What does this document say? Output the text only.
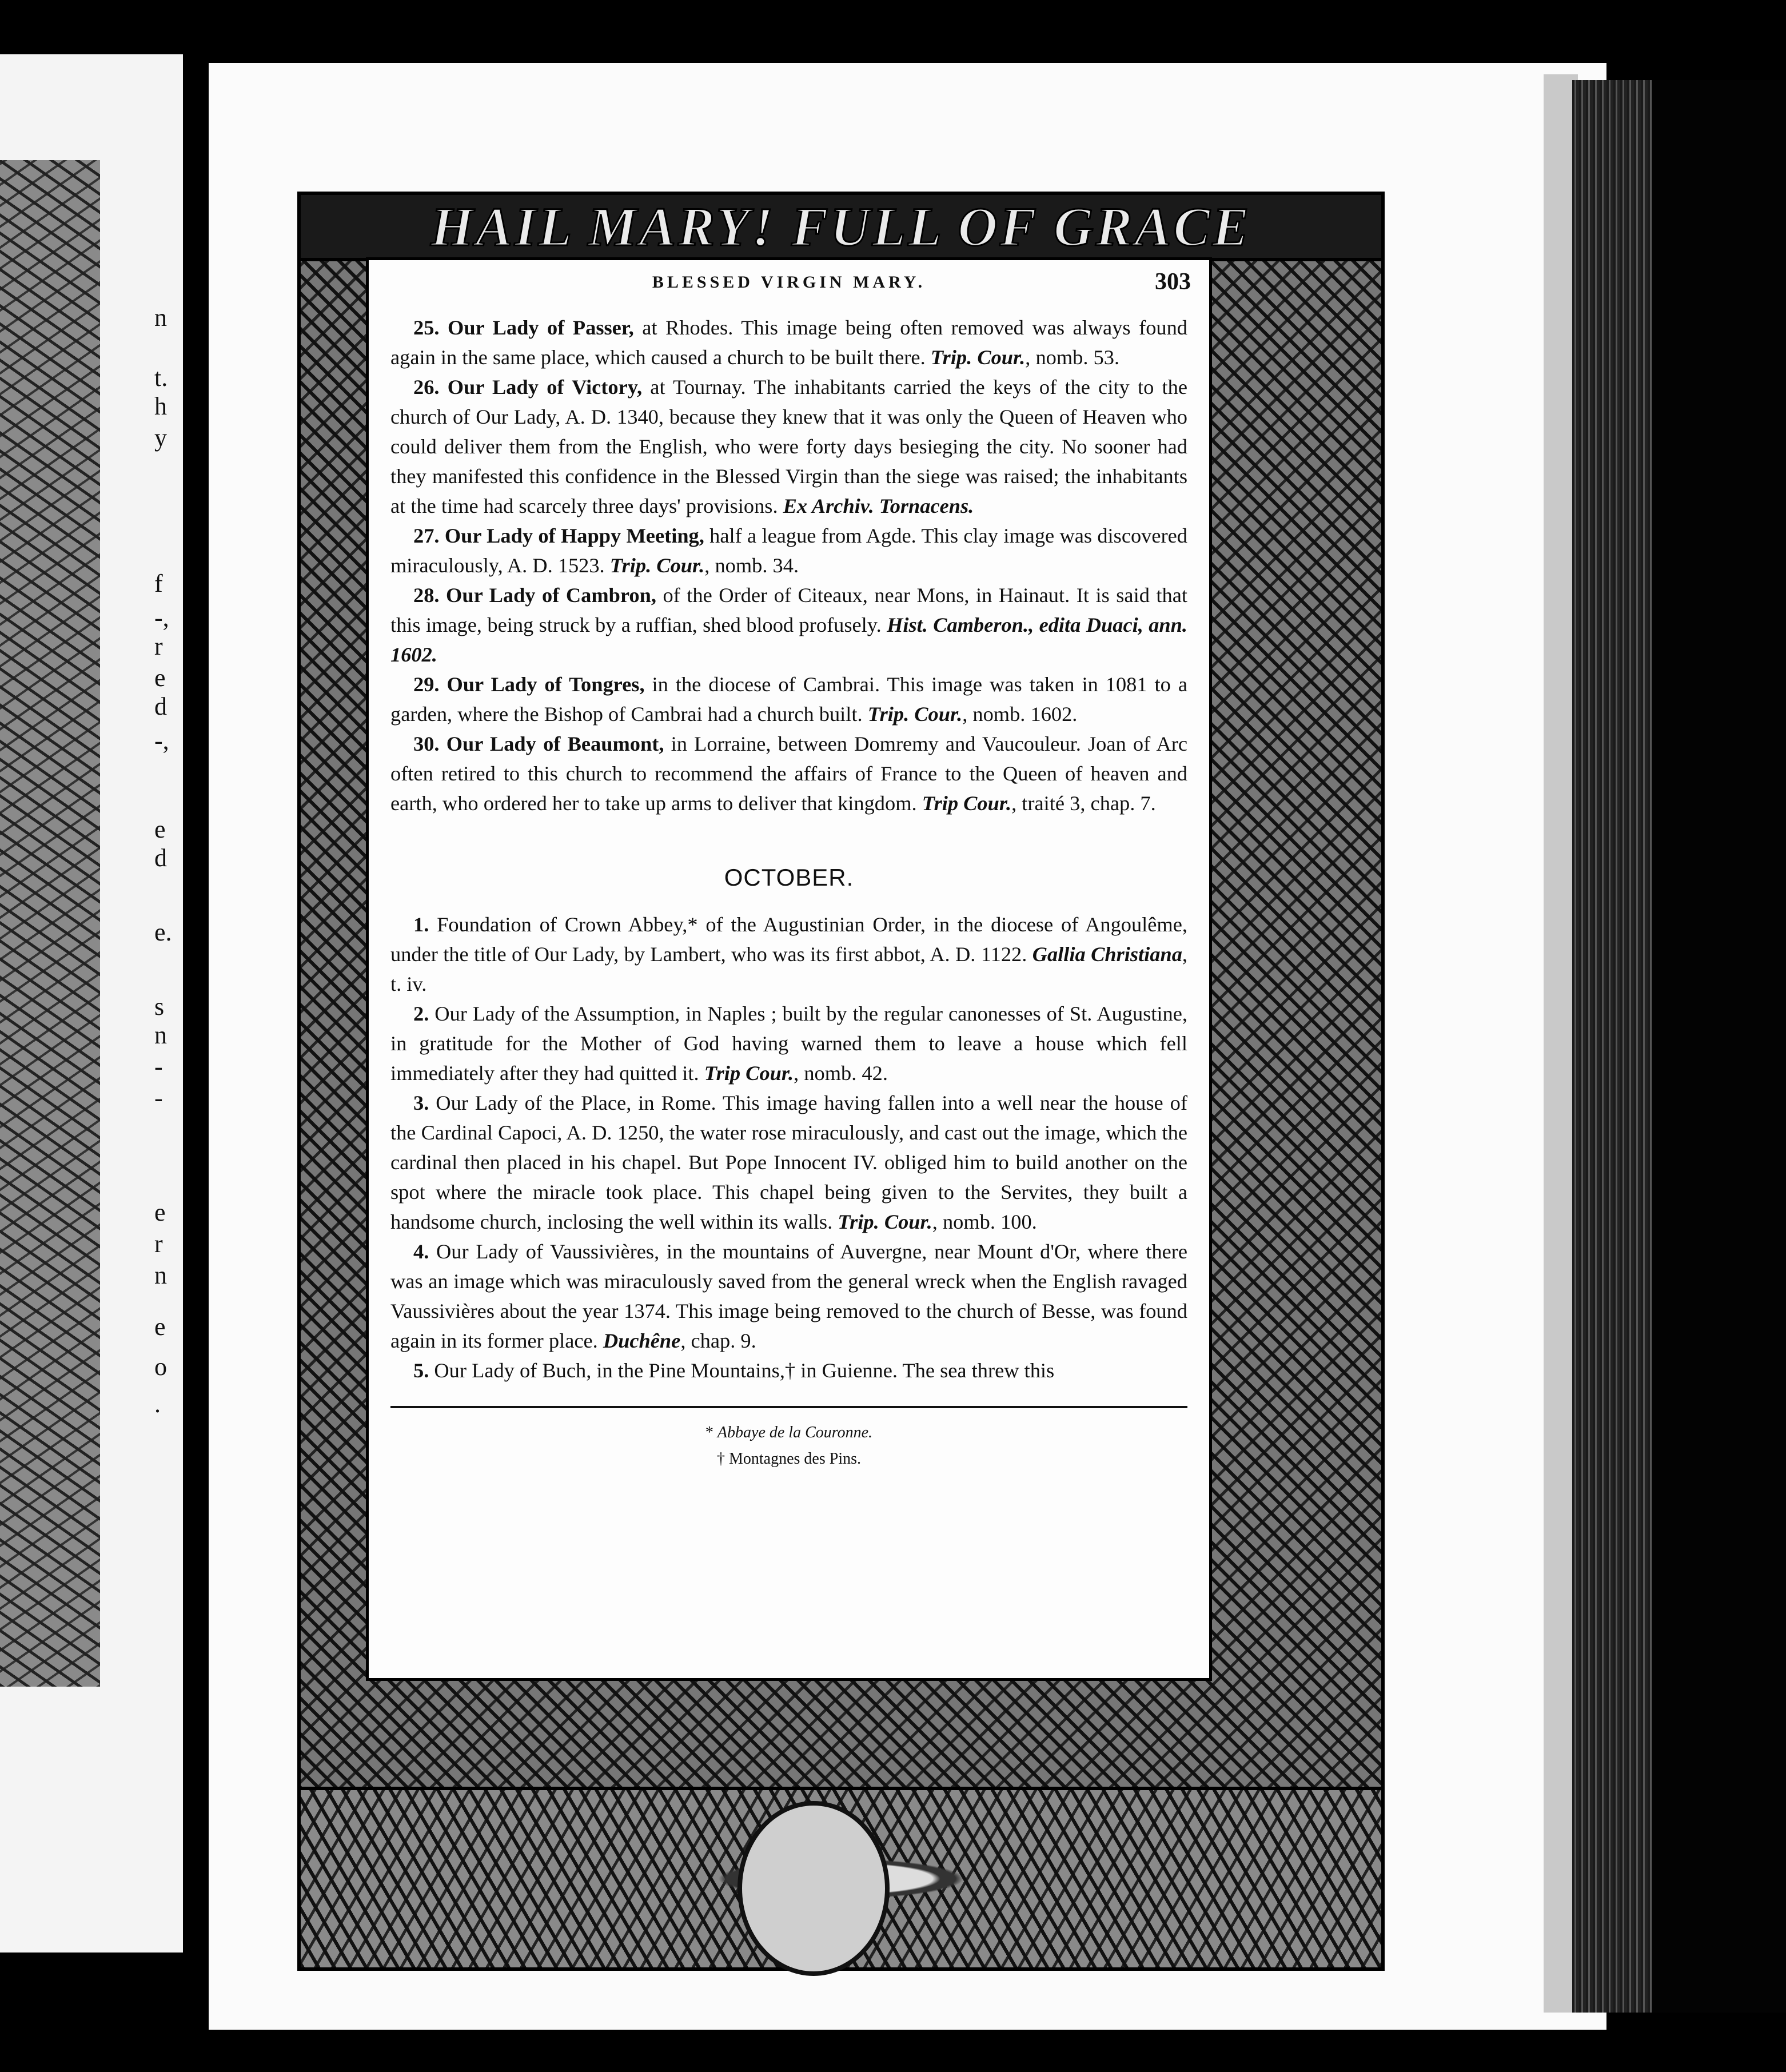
n
t.
h
y
f
-,
r
e
d
-,
e
d
e.
s
n
-
-
e
r
n
e
o
.
HAIL MARY! FULL OF GRACE
BLESSED VIRGIN MARY.	303

25. Our Lady of Passer, at Rhodes. This image being often removed was always found again in the same place, which caused a church to be built there. Trip. Cour., nomb. 53.

26. Our Lady of Victory, at Tournay. The inhabitants carried the keys of the city to the church of Our Lady, A. D. 1340, because they knew that it was only the Queen of Heaven who could deliver them from the English, who were forty days besieging the city. No sooner had they manifested this confidence in the Blessed Virgin than the siege was raised; the inhabitants at the time had scarcely three days' provisions. Ex Archiv. Tornacens.

27. Our Lady of Happy Meeting, half a league from Agde. This clay image was discovered miraculously, A. D. 1523. Trip. Cour., nomb. 34.

28. Our Lady of Cambron, of the Order of Citeaux, near Mons, in Hainaut. It is said that this image, being struck by a ruffian, shed blood profusely. Hist. Camberon., edita Duaci, ann. 1602.

29. Our Lady of Tongres, in the diocese of Cambrai. This image was taken in 1081 to a garden, where the Bishop of Cambrai had a church built. Trip. Cour., nomb. 1602.

30. Our Lady of Beaumont, in Lorraine, between Domremy and Vaucouleur. Joan of Arc often retired to this church to recommend the affairs of France to the Queen of heaven and earth, who ordered her to take up arms to deliver that kingdom. Trip Cour., traité 3, chap. 7.

OCTOBER.

1. Foundation of Crown Abbey,* of the Augustinian Order, in the diocese of Angoulême, under the title of Our Lady, by Lambert, who was its first abbot, A. D. 1122. Gallia Christiana, t. iv.

2. Our Lady of the Assumption, in Naples ; built by the regular canonesses of St. Augustine, in gratitude for the Mother of God having warned them to leave a house which fell immediately after they had quitted it. Trip Cour., nomb. 42.

3. Our Lady of the Place, in Rome. This image having fallen into a well near the house of the Cardinal Capoci, A. D. 1250, the water rose miraculously, and cast out the image, which the cardinal then placed in his chapel. But Pope Innocent IV. obliged him to build another on the spot where the miracle took place. This chapel being given to the Servites, they built a handsome church, inclosing the well within its walls. Trip. Cour., nomb. 100.

4. Our Lady of Vaussivières, in the mountains of Auvergne, near Mount d'Or, where there was an image which was miraculously saved from the general wreck when the English ravaged Vaussivières about the year 1374. This image being removed to the church of Besse, was found again in its former place. Duchêne, chap. 9.

5. Our Lady of Buch, in the Pine Mountains,† in Guienne. The sea threw this

* Abbaye de la Couronne.
† Montagnes des Pins.
